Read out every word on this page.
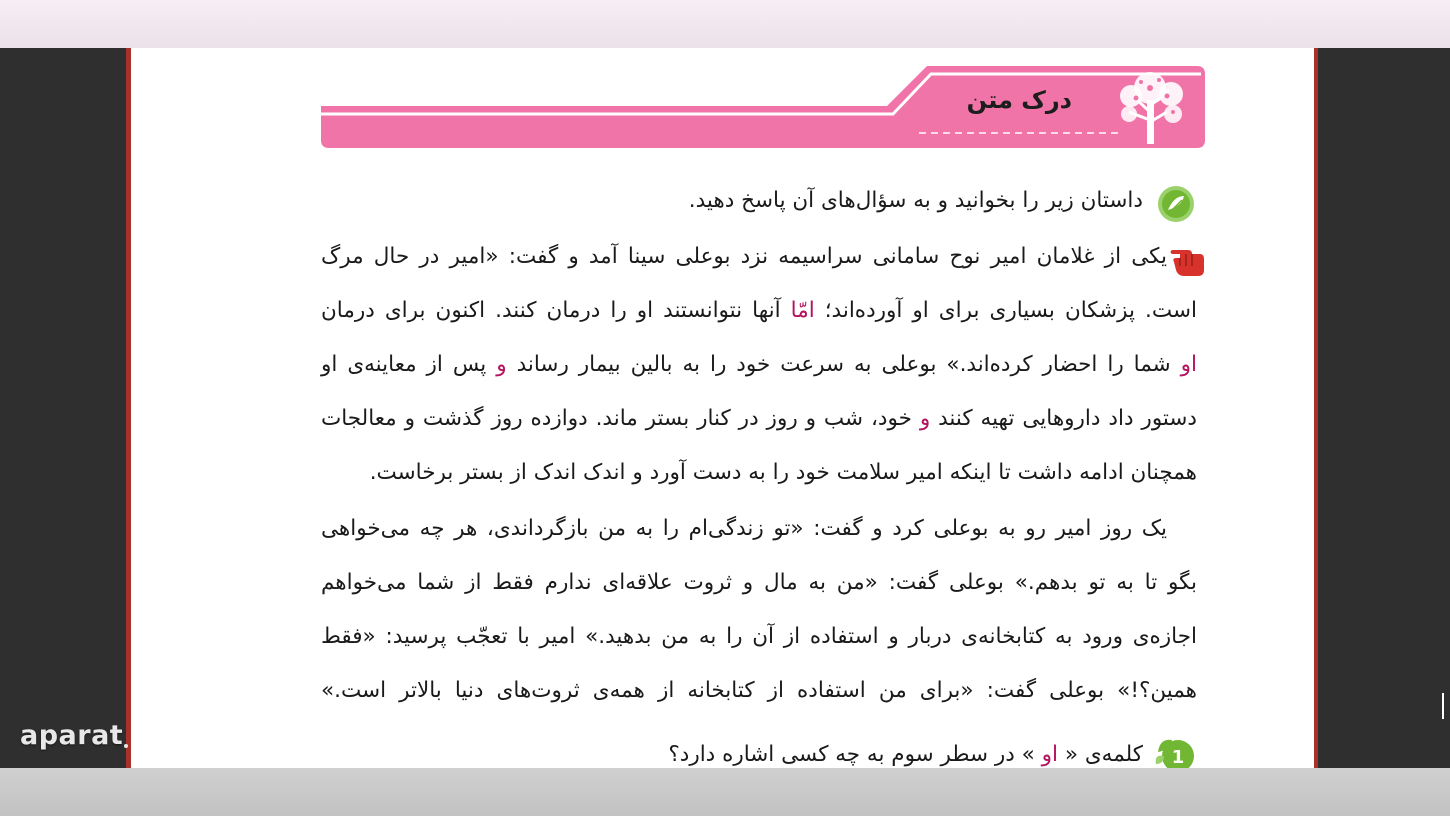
درک متن
داستان زیر را بخوانید و به سؤال‌های آن پاسخ دهید.
یکی از غلامان امیر نوح سامانی سراسیمه نزد بوعلی سینا آمد و گفت: «امیر در حال مرگ
است. پزشکان بسیاری برای او آورده‌اند؛ امّا آنها نتوانستند او را درمان کنند. اکنون برای درمان
او شما را احضار کرده‌اند.» بوعلی به سرعت خود را به بالین بیمار رساند و پس از معاینه‌ی او
دستور داد داروهایی تهیه کنند و خود، شب و روز در کنار بستر ماند. دوازده روز گذشت و معالجات
همچنان ادامه داشت تا اینکه امیر سلامت خود را به دست آورد و اندک اندک از بستر برخاست.
یک روز امیر رو به بوعلی کرد و گفت: «تو زندگی‌ام را به من بازگرداندی، هر چه می‌خواهی
بگو تا به تو بدهم.» بوعلی گفت: «من به مال و ثروت علاقه‌ای ندارم فقط از شما می‌خواهم
اجازه‌ی ورود به کتابخانه‌ی دربار و استفاده از آن را به من بدهید.» امیر با تعجّب پرسید: «فقط
همین؟!» بوعلی گفت: «برای من استفاده از کتابخانه از همه‌ی ثروت‌های دنیا بالاتر است.»
1
کلمه‌ی « او » در سطر سوم به چه کسی اشاره دارد؟
aparat
